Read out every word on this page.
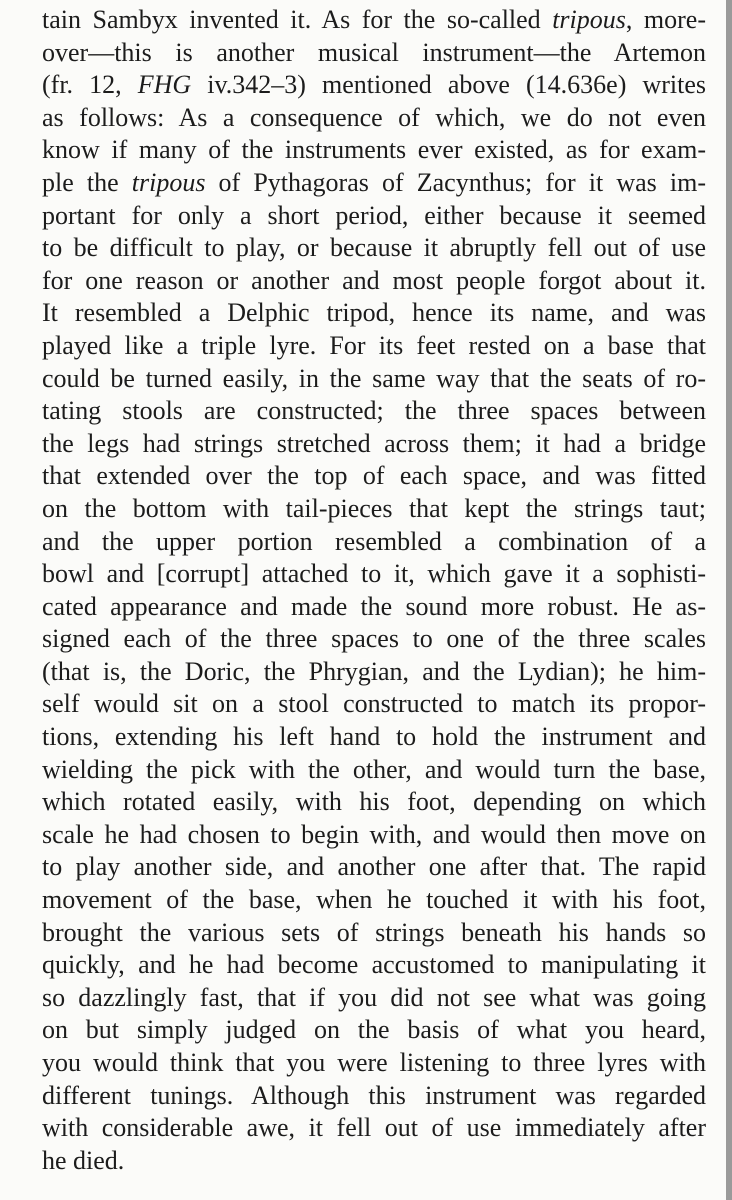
tain Sambyx invented it. As for the so-called tripous, more-
over—this is another musical instrument—the Artemon
(fr. 12, FHG iv.342–3) mentioned above (14.636e) writes
as follows: As a consequence of which, we do not even
know if many of the instruments ever existed, as for exam-
ple the tripous of Pythagoras of Zacynthus; for it was im-
portant for only a short period, either because it seemed
to be difficult to play, or because it abruptly fell out of use
for one reason or another and most people forgot about it.
It resembled a Delphic tripod, hence its name, and was
played like a triple lyre. For its feet rested on a base that
could be turned easily, in the same way that the seats of ro-
tating stools are constructed; the three spaces between
the legs had strings stretched across them; it had a bridge
that extended over the top of each space, and was fitted
on the bottom with tail-pieces that kept the strings taut;
and the upper portion resembled a combination of a
bowl and [corrupt] attached to it, which gave it a sophisti-
cated appearance and made the sound more robust. He as-
signed each of the three spaces to one of the three scales
(that is, the Doric, the Phrygian, and the Lydian); he him-
self would sit on a stool constructed to match its propor-
tions, extending his left hand to hold the instrument and
wielding the pick with the other, and would turn the base,
which rotated easily, with his foot, depending on which
scale he had chosen to begin with, and would then move on
to play another side, and another one after that. The rapid
movement of the base, when he touched it with his foot,
brought the various sets of strings beneath his hands so
quickly, and he had become accustomed to manipulating it
so dazzlingly fast, that if you did not see what was going
on but simply judged on the basis of what you heard,
you would think that you were listening to three lyres with
different tunings. Although this instrument was regarded
with considerable awe, it fell out of use immediately after
he died.
